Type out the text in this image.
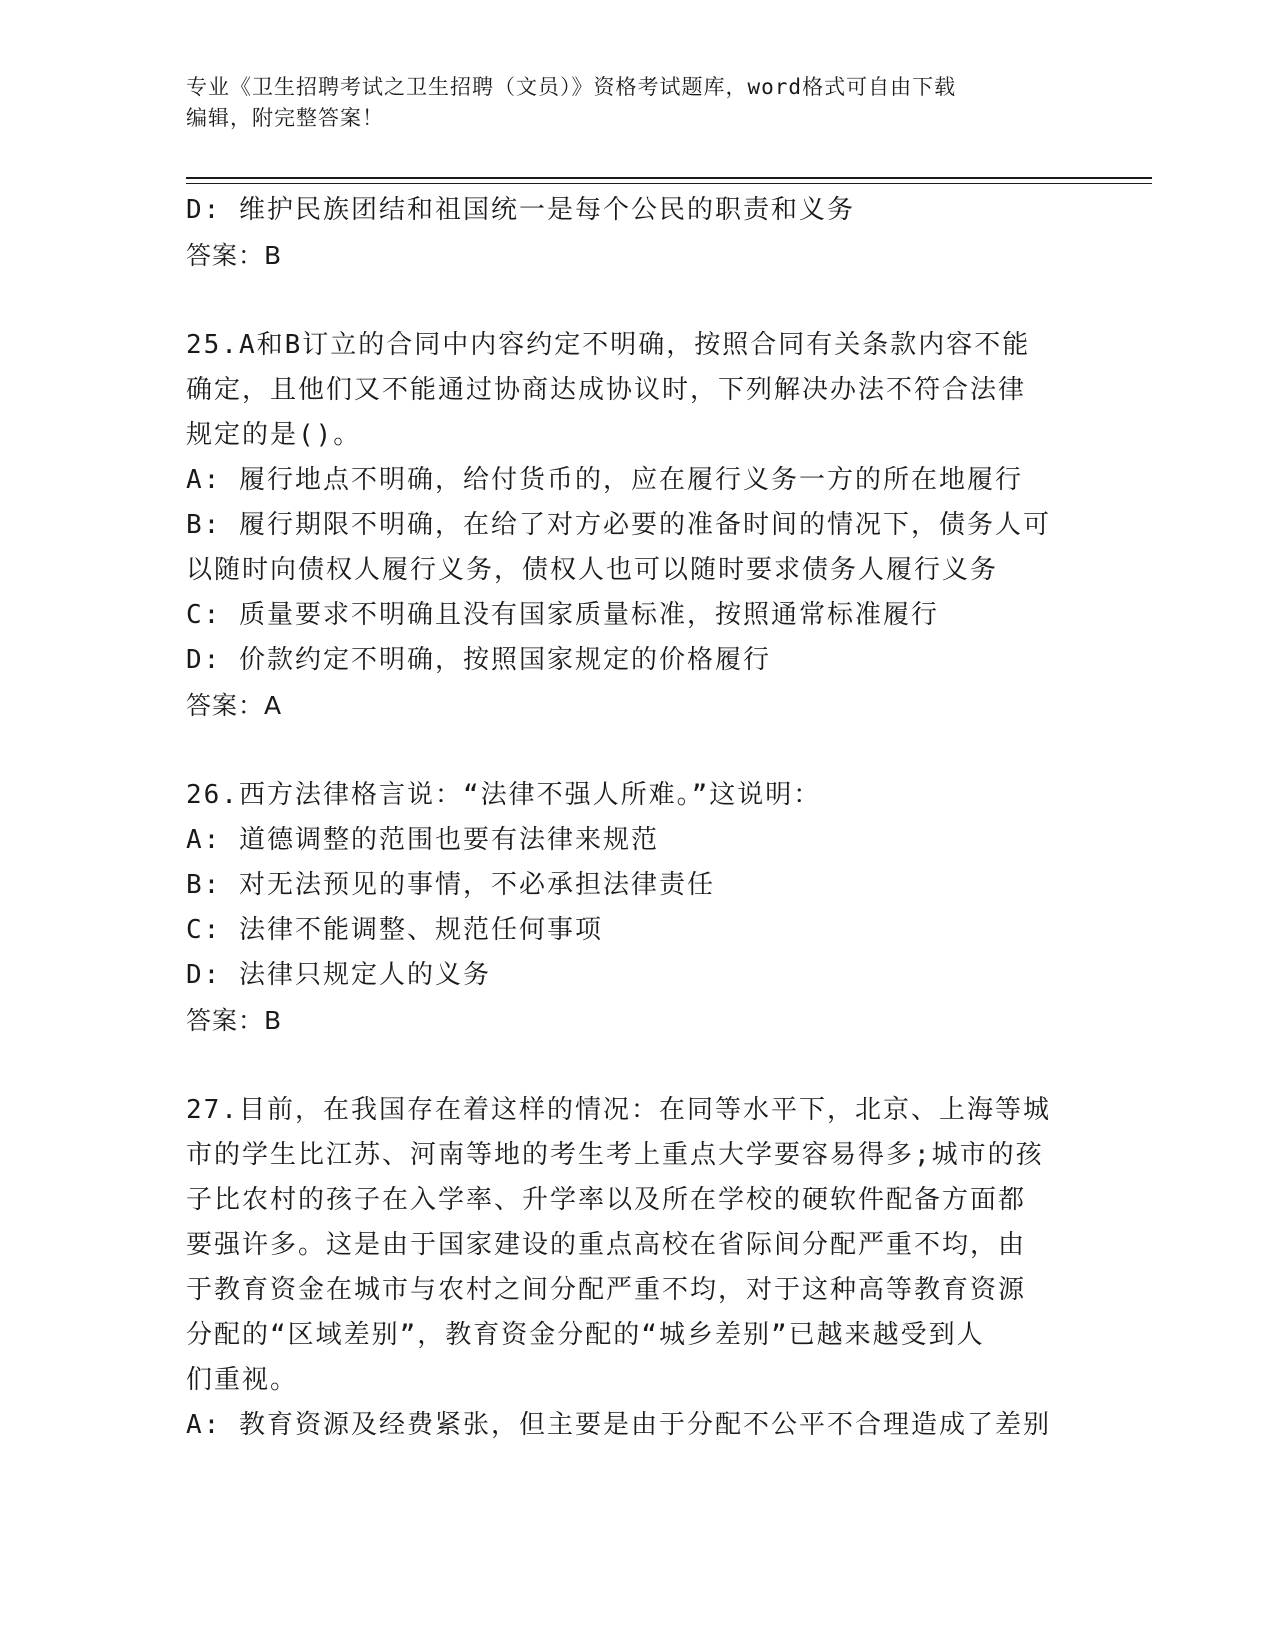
专业《卫生招聘考试之卫生招聘（文员）》资格考试题库，word格式可自由下载
编辑，附完整答案！
D: 维护民族团结和祖国统一是每个公民的职责和义务
答案：B
25.A和B订立的合同中内容约定不明确，按照合同有关条款内容不能
确定，且他们又不能通过协商达成协议时，下列解决办法不符合法律
规定的是()。
A: 履行地点不明确，给付货币的，应在履行义务一方的所在地履行
B: 履行期限不明确，在给了对方必要的准备时间的情况下，债务人可
以随时向债权人履行义务，债权人也可以随时要求债务人履行义务
C: 质量要求不明确且没有国家质量标准，按照通常标准履行
D: 价款约定不明确，按照国家规定的价格履行
答案：A
26.西方法律格言说：“法律不强人所难。”这说明：
A: 道德调整的范围也要有法律来规范
B: 对无法预见的事情，不必承担法律责任
C: 法律不能调整、规范任何事项
D: 法律只规定人的义务
答案：B
27.目前，在我国存在着这样的情况：在同等水平下，北京、上海等城
市的学生比江苏、河南等地的考生考上重点大学要容易得多;城市的孩
子比农村的孩子在入学率、升学率以及所在学校的硬软件配备方面都
要强许多。这是由于国家建设的重点高校在省际间分配严重不均，由
于教育资金在城市与农村之间分配严重不均，对于这种高等教育资源
分配的“区域差别”，教育资金分配的“城乡差别”已越来越受到人
们重视。
A: 教育资源及经费紧张，但主要是由于分配不公平不合理造成了差别
